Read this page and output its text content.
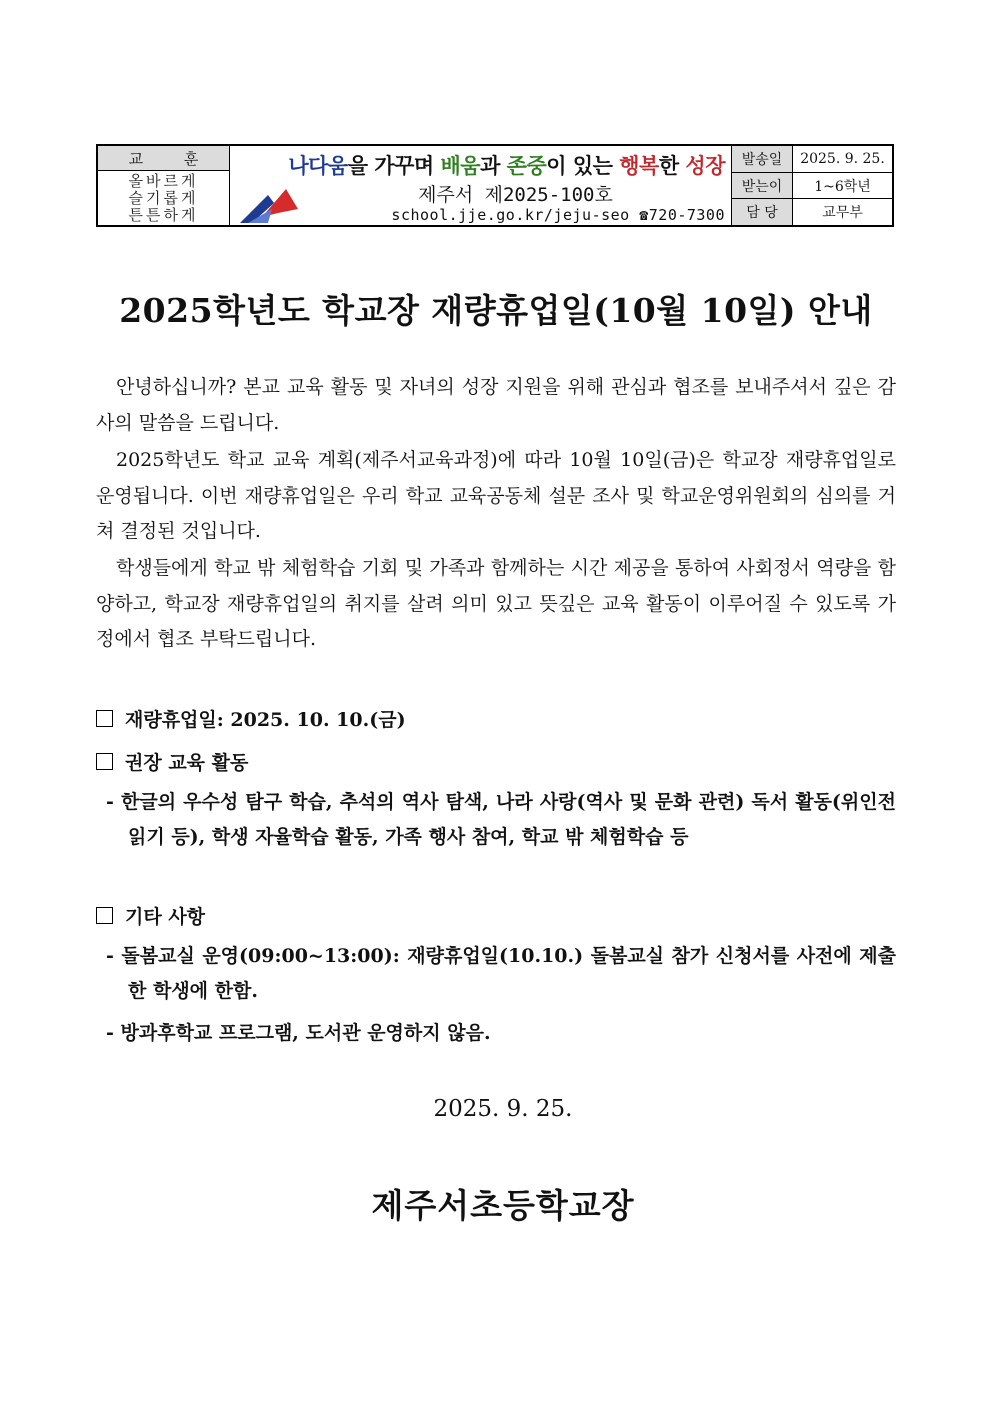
교 훈
올바르게
슬기롭게
튼튼하게
나다움을 가꾸며 배움과 존중이 있는 행복한 성장
제주서 제2025-100호
school.jje.go.kr/jeju-seo ☎720-7300
발송일	2025. 9. 25.
받는이	1~6학년
담 당	교무부
2025학년도 학교장 재량휴업일(10월 10일) 안내
안녕하십니까? 본교 교육 활동 및 자녀의 성장 지원을 위해 관심과 협조를 보내주셔서 깊은 감사의 말씀을 드립니다.
2025학년도 학교 교육 계획(제주서교육과정)에 따라 10월 10일(금)은 학교장 재량휴업일로 운영됩니다. 이번 재량휴업일은 우리 학교 교육공동체 설문 조사 및 학교운영위원회의 심의를 거쳐 결정된 것입니다.
학생들에게 학교 밖 체험학습 기회 및 가족과 함께하는 시간 제공을 통하여 사회정서 역량을 함양하고, 학교장 재량휴업일의 취지를 살려 의미 있고 뜻깊은 교육 활동이 이루어질 수 있도록 가정에서 협조 부탁드립니다.
재량휴업일: 2025. 10. 10.(금)
권장 교육 활동
- 한글의 우수성 탐구 학습, 추석의 역사 탐색, 나라 사랑(역사 및 문화 관련) 독서 활동(위인전 읽기 등), 학생 자율학습 활동, 가족 행사 참여, 학교 밖 체험학습 등
기타 사항
- 돌봄교실 운영(09:00~13:00): 재량휴업일(10.10.) 돌봄교실 참가 신청서를 사전에 제출한 학생에 한함.
- 방과후학교 프로그램, 도서관 운영하지 않음.
2025. 9. 25.
제주서초등학교장
